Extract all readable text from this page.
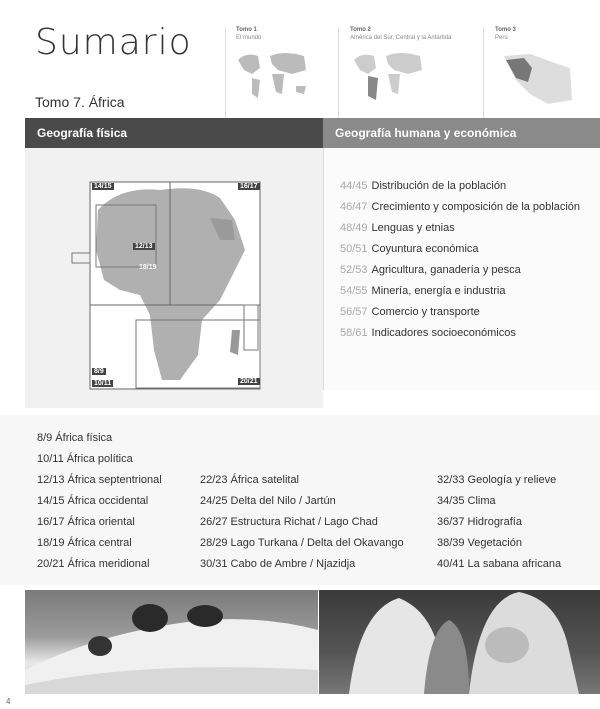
Sumario
Tomo 7. África
Tomo 1
El mundo
Tomo 2
América del Sur, Central y la Antártida
Tomo 3
Perú
Geografía física	Geografía humana y económica
14/15	16/17
12/13
8/9
10/11	20/21
18/19
44/45 Distribución de la población
46/47 Crecimiento y composición de la población
48/49 Lenguas y etnias
50/51 Coyuntura económica
52/53 Agricultura, ganadería y pesca
54/55 Minería, energía e industria
56/57 Comercio y transporte
58/61 Indicadores socioeconómicos
8/9 África física
10/11 África política
12/13 África septentrional
14/15 África occidental
16/17 África oriental
18/19 África central
20/21 África meridional
22/23 África satelital
24/25 Delta del Nilo / Jartún
26/27 Estructura Richat / Lago Chad
28/29 Lago Turkana / Delta del Okavango
30/31 Cabo de Ambre / Njazidja
32/33 Geología y relieve
34/35 Clima
36/37 Hidrografía
38/39 Vegetación
40/41 La sabana africana
4
